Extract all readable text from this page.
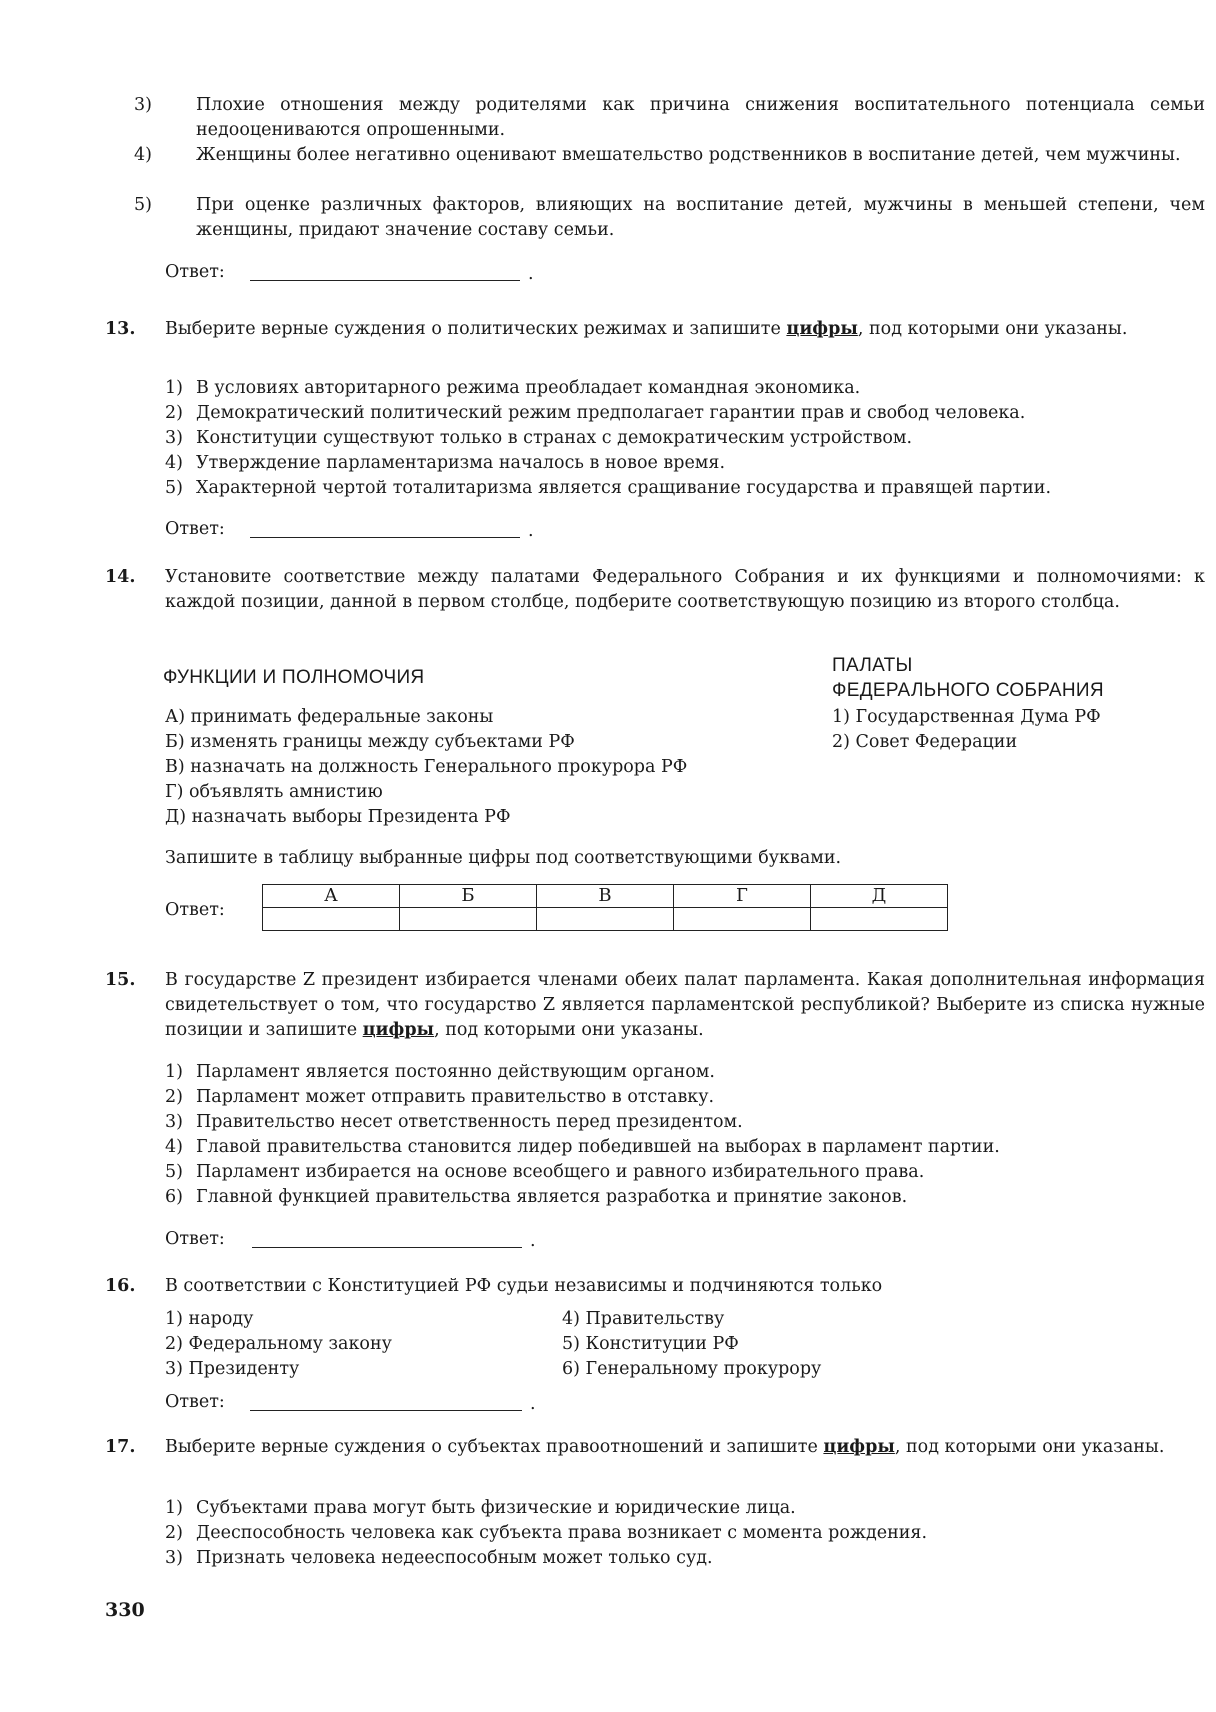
3)	Плохие отношения между родителями как причина снижения воспитательного потенциала семьи недооцениваются опрошенными.
4)	Женщины более негативно оценивают вмешательство родственников в воспитание детей, чем мужчины.
5)	При оценке различных факторов, влияющих на воспитание детей, мужчины в меньшей степени, чем женщины, придают значение составу семьи.
Ответ:	.
13. Выберите верные суждения о политических режимах и запишите цифры, под которыми они указаны.
1) В условиях авторитарного режима преобладает командная экономика.
2) Демократический политический режим предполагает гарантии прав и свобод человека.
3) Конституции существуют только в странах с демократическим устройством.
4) Утверждение парламентаризма началось в новое время.
5) Характерной чертой тоталитаризма является сращивание государства и правящей партии.
Ответ:	.
14. Установите соответствие между палатами Федерального Собрания и их функциями и полномочиями: к каждой позиции, данной в первом столбце, подберите соответствующую позицию из второго столбца.
ФУНКЦИИ И ПОЛНОМОЧИЯ
ПАЛАТЫ
ФЕДЕРАЛЬНОГО СОБРАНИЯ
А) принимать федеральные законы
Б) изменять границы между субъектами РФ
В) назначать на должность Генерального прокурора РФ
Г) объявлять амнистию
Д) назначать выборы Президента РФ
1) Государственная Дума РФ
2) Совет Федерации
Запишите в таблицу выбранные цифры под соответствующими буквами.
Ответ:
А	Б	В	Г	Д

15. В государстве Z президент избирается членами обеих палат парламента. Какая дополнительная информация свидетельствует о том, что государство Z является парламентской республикой? Выберите из списка нужные позиции и запишите цифры, под которыми они указаны.
1) Парламент является постоянно действующим органом.
2) Парламент может отправить правительство в отставку.
3) Правительство несет ответственность перед президентом.
4) Главой правительства становится лидер победившей на выборах в парламент партии.
5) Парламент избирается на основе всеобщего и равного избирательного права.
6) Главной функцией правительства является разработка и принятие законов.
Ответ:	.
16. В соответствии с Конституцией РФ судьи независимы и подчиняются только
1) народу
2) Федеральному закону
3) Президенту
4) Правительству
5) Конституции РФ
6) Генеральному прокурору
Ответ:	.
17. Выберите верные суждения о субъектах правоотношений и запишите цифры, под которыми они указаны.
1) Субъектами права могут быть физические и юридические лица.
2) Дееспособность человека как субъекта права возникает с момента рождения.
3) Признать человека недееспособным может только суд.
330
